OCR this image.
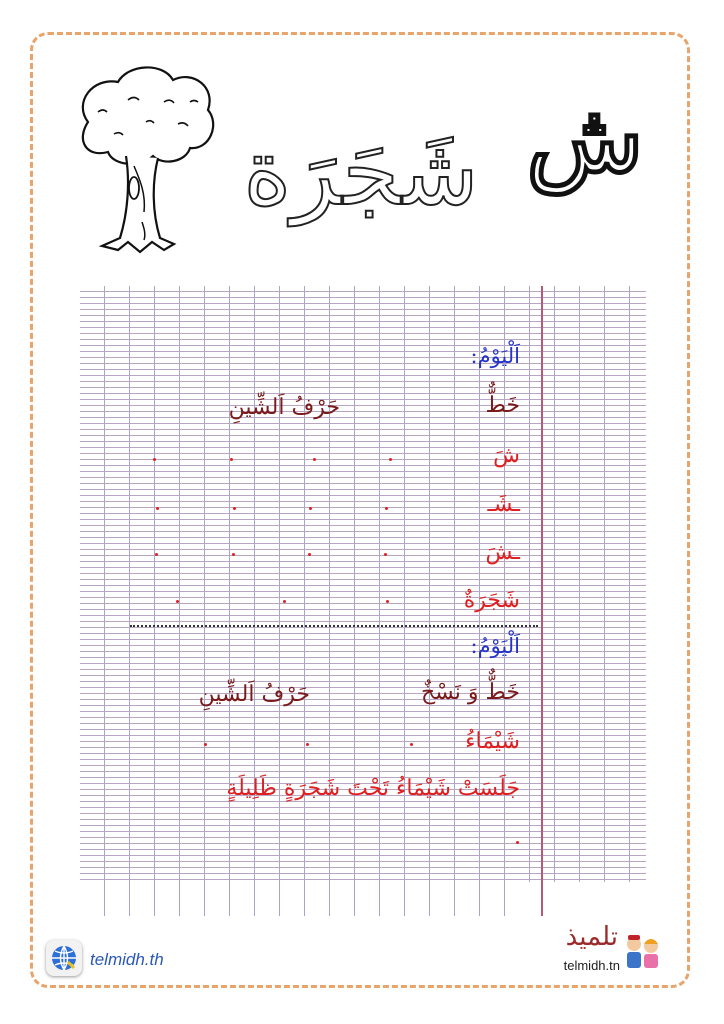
شَجَرَة ش
اَلْيَوْمُ:
خَطٌّ
حَرْفُ اَلشِّينِ
شَ
ـشَـ
ـشَ
شَجَرَةٌ
اَلْيَوْمُ:
خَطٌّ وَ نَسْخٌ
حَرْفُ اَلشِّينِ
شَيْمَاءُ
جَلَسَتْ شَيْمَاءُ تَحْتَ شَجَرَةٍ ظَلِيلَةٍ
telmidh.th
تلميذ
telmidh.tn
